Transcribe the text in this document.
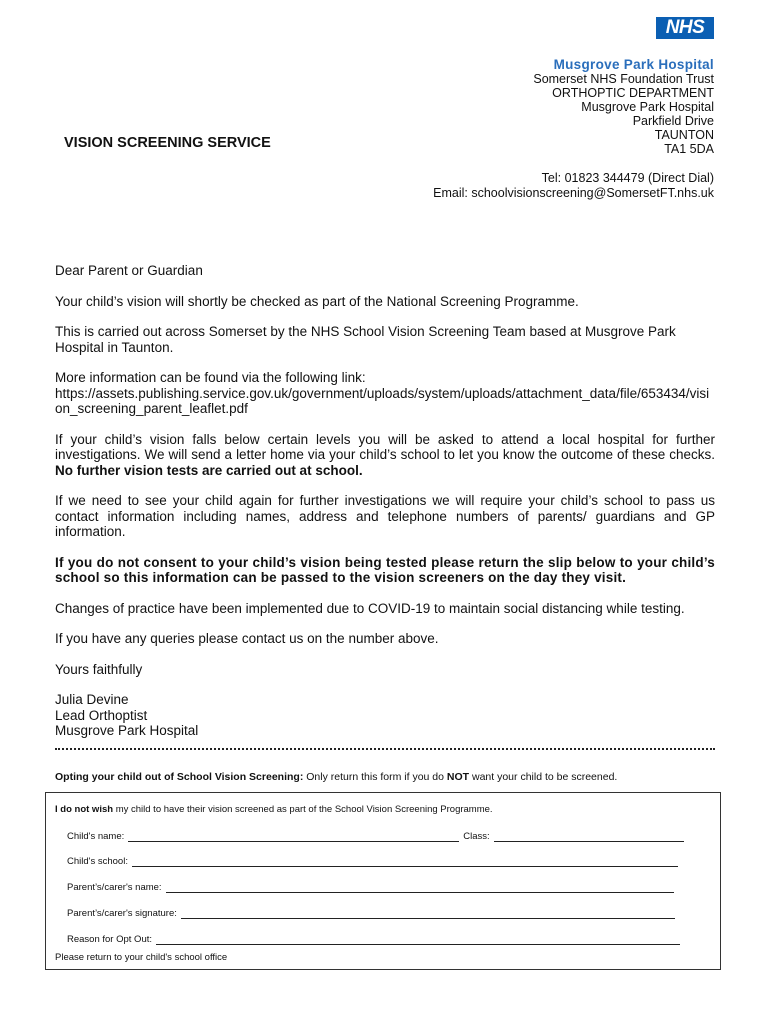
NHS
Musgrove Park Hospital
Somerset NHS Foundation Trust
ORTHOPTIC DEPARTMENT
Musgrove Park Hospital
Parkfield Drive
TAUNTON
TA1 5DA
VISION SCREENING SERVICE
Tel: 01823 344479 (Direct Dial)
Email: schoolvisionscreening@SomersetFT.nhs.uk

Dear Parent or Guardian

Your child’s vision will shortly be checked as part of the National Screening Programme.

This is carried out across Somerset by the NHS School Vision Screening Team based at Musgrove Park Hospital in Taunton.

More information can be found via the following link:
https://assets.publishing.service.gov.uk/government/uploads/system/uploads/attachment_data/file/653434/vision_screening_parent_leaflet.pdf

If your child’s vision falls below certain levels you will be asked to attend a local hospital for further investigations. We will send a letter home via your child’s school to let you know the outcome of these checks. No further vision tests are carried out at school.

If we need to see your child again for further investigations we will require your child’s school to pass us contact information including names, address and telephone numbers of parents/ guardians and GP information.

If you do not consent to your child’s vision being tested please return the slip below to your child’s school so this information can be passed to the vision screeners on the day they visit.

Changes of practice have been implemented due to COVID-19 to maintain social distancing while testing.

If you have any queries please contact us on the number above.

Yours faithfully

Julia Devine
Lead Orthoptist
Musgrove Park Hospital
Opting your child out of School Vision Screening: Only return this form if you do NOT want your child to be screened.
I do not wish my child to have their vision screened as part of the School Vision Screening Programme.
Child's name:	Class:
Child's school:
Parent’s/carer's name:
Parent’s/carer's signature:
Reason for Opt Out:
Please return to your child's school office
